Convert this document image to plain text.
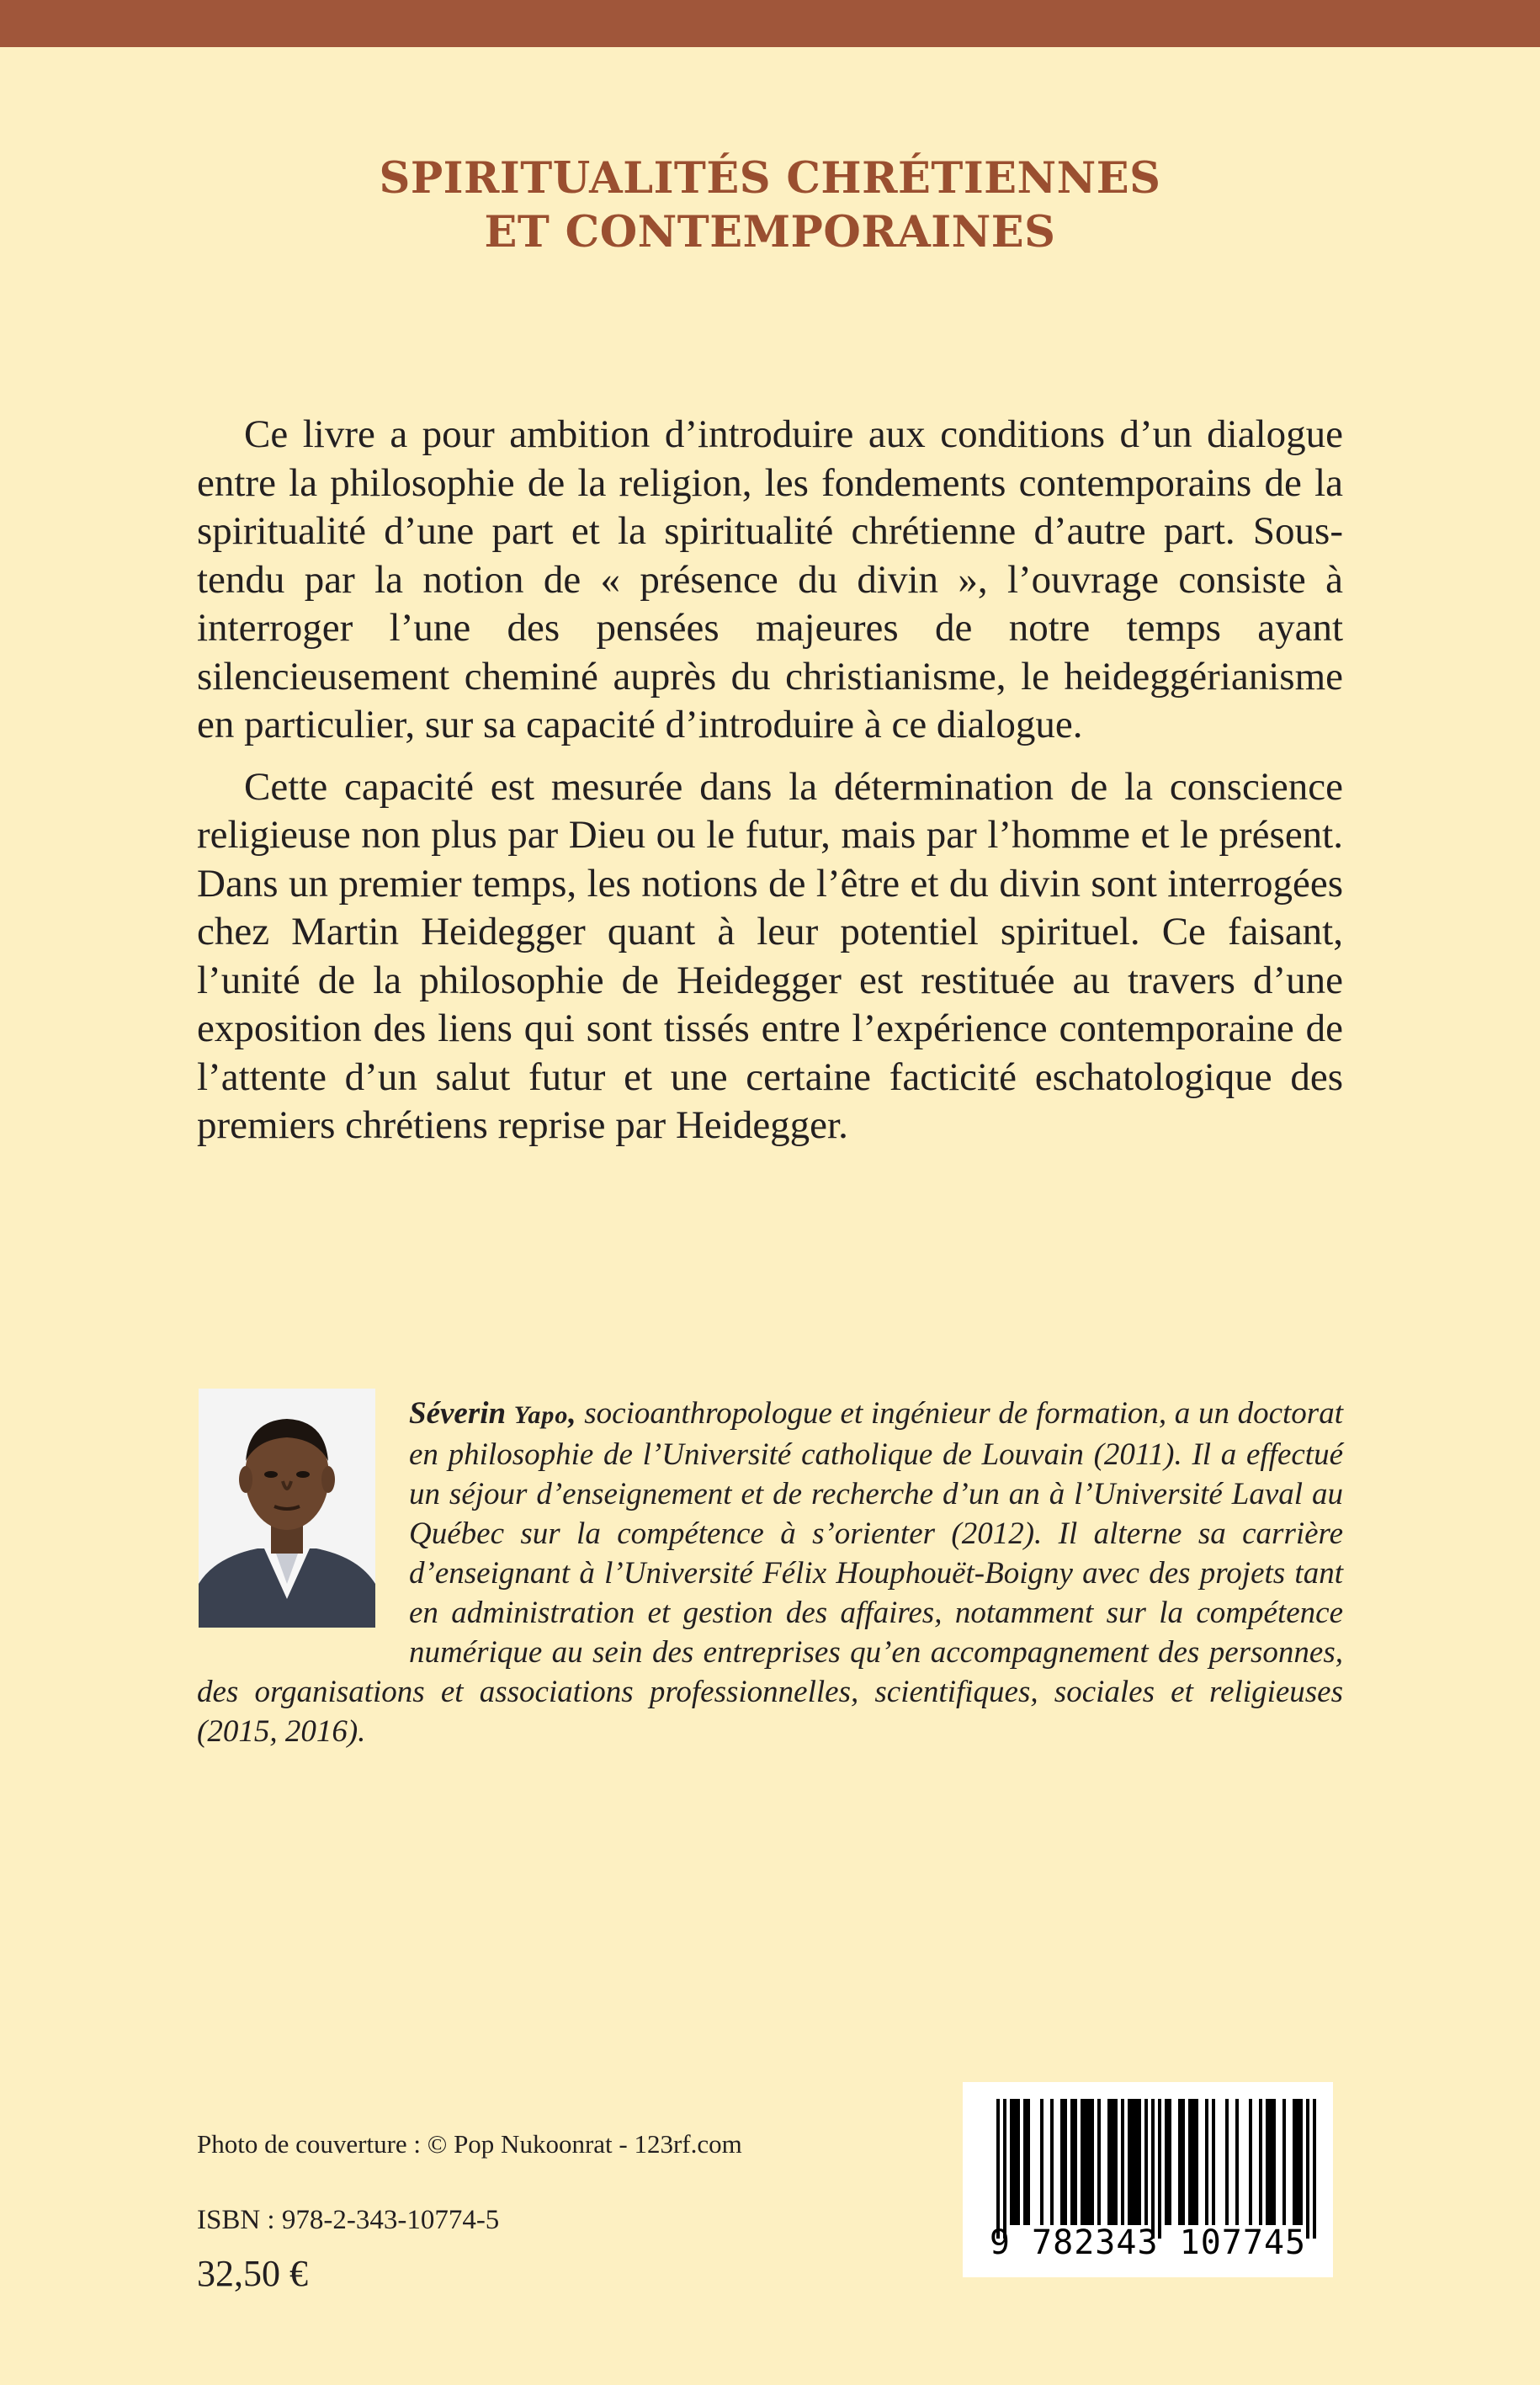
SPIRITUALITÉS CHRÉTIENNES
ET CONTEMPORAINES

Ce livre a pour ambition d’introduire aux conditions d’un dialogue entre la philosophie de la religion, les fondements contemporains de la spiritualité d’une part et la spiritualité chrétienne d’autre part. Sous-tendu par la notion de « présence du divin », l’ouvrage consiste à interroger l’une des pensées majeures de notre temps ayant silencieusement cheminé auprès du christianisme, le heideggérianisme en particulier, sur sa capacité d’introduire à ce dialogue.

Cette capacité est mesurée dans la détermination de la conscience religieuse non plus par Dieu ou le futur, mais par l’homme et le présent. Dans un premier temps, les notions de l’être et du divin sont interrogées chez Martin Heidegger quant à leur potentiel spirituel. Ce faisant, l’unité de la philosophie de Heidegger est restituée au travers d’une exposition des liens qui sont tissés entre l’expérience contemporaine de l’attente d’un salut futur et une certaine facticité eschatologique des premiers chrétiens reprise par Heidegger.

Séverin Yapo, socioanthropologue et ingénieur de formation, a un doctorat en philosophie de l’Université catholique de Louvain (2011). Il a effectué un séjour d’enseignement et de recherche d’un an à l’Université Laval au Québec sur la compétence à s’orienter (2012). Il alterne sa carrière d’enseignant à l’Université Félix Houphouët-Boigny avec des projets tant en administration et gestion des affaires, notamment sur la compétence numérique au sein des entreprises qu’en accompagnement des personnes, des organisations et associations professionnelles, scientifiques, sociales et religieuses (2015, 2016).
Photo de couverture : © Pop Nukoonrat - 123rf.com
ISBN : 978-2-343-10774-5
32,50 €
9 782343 107745
